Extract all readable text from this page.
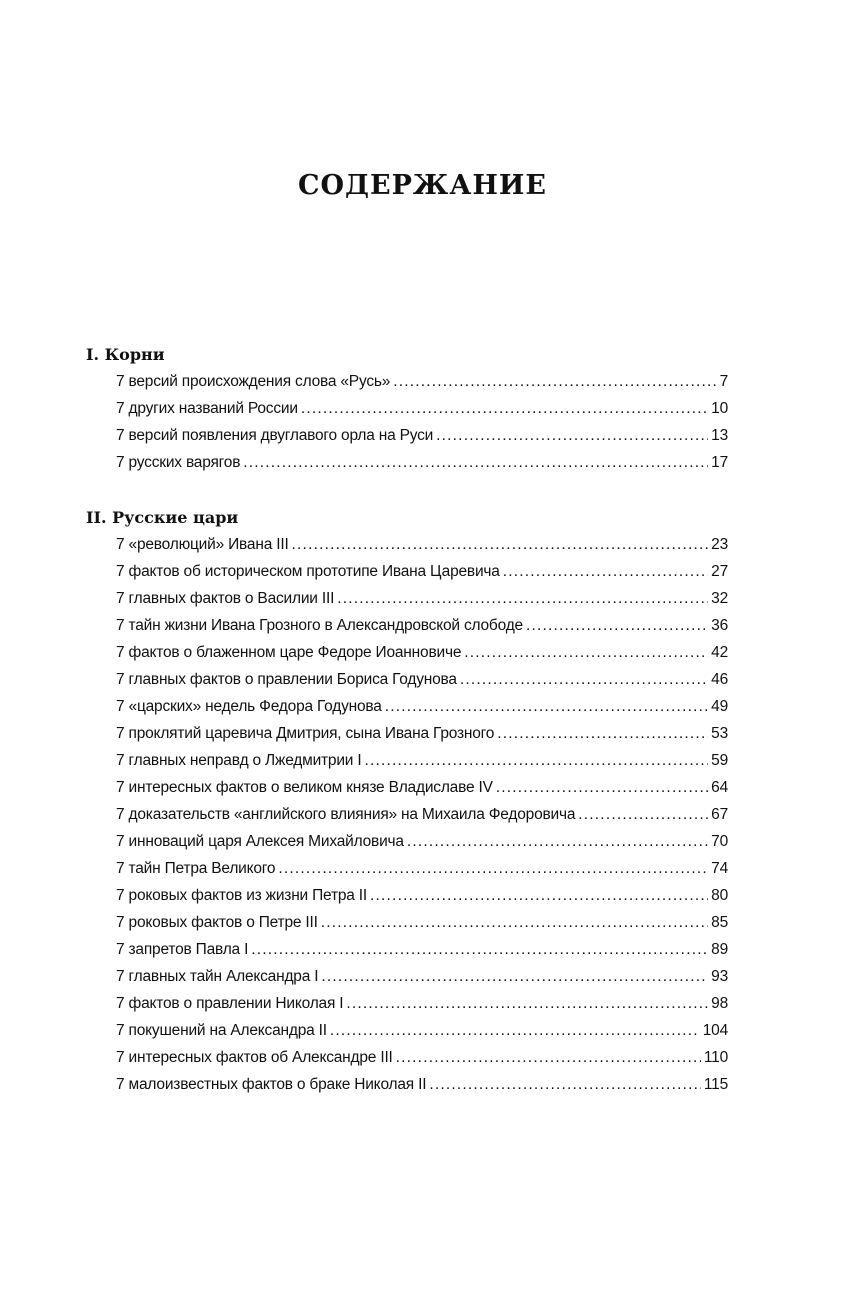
СОДЕРЖАНИЕ
I. Корни
7 версий происхождения слова «Русь» .....	7
7 других названий России .....	10
7 версий появления двуглавого орла на Руси .....	13
7 русских варягов .....	17
II. Русские цари
7 «революций» Ивана III .....	23
7 фактов об историческом прототипе Ивана Царевича .....	27
7 главных фактов о Василии III .....	32
7 тайн жизни Ивана Грозного в Александровской слободе .....	36
7 фактов о блаженном царе Федоре Иоанновиче .....	42
7 главных фактов о правлении Бориса Годунова .....	46
7 «царских» недель Федора Годунова .....	49
7 проклятий царевича Дмитрия, сына Ивана Грозного .....	53
7 главных неправд о Лжедмитрии I .....	59
7 интересных фактов о великом князе Владиславе IV .....	64
7 доказательств «английского влияния» на Михаила Федоровича .....	67
7 инноваций царя Алексея Михайловича .....	70
7 тайн Петра Великого .....	74
7 роковых фактов из жизни Петра II .....	80
7 роковых фактов о Петре III .....	85
7 запретов Павла I .....	89
7 главных тайн Александра I .....	93
7 фактов о правлении Николая I .....	98
7 покушений на Александра II .....	104
7 интересных фактов об Александре III .....	110
7 малоизвестных фактов о браке Николая II .....	115
